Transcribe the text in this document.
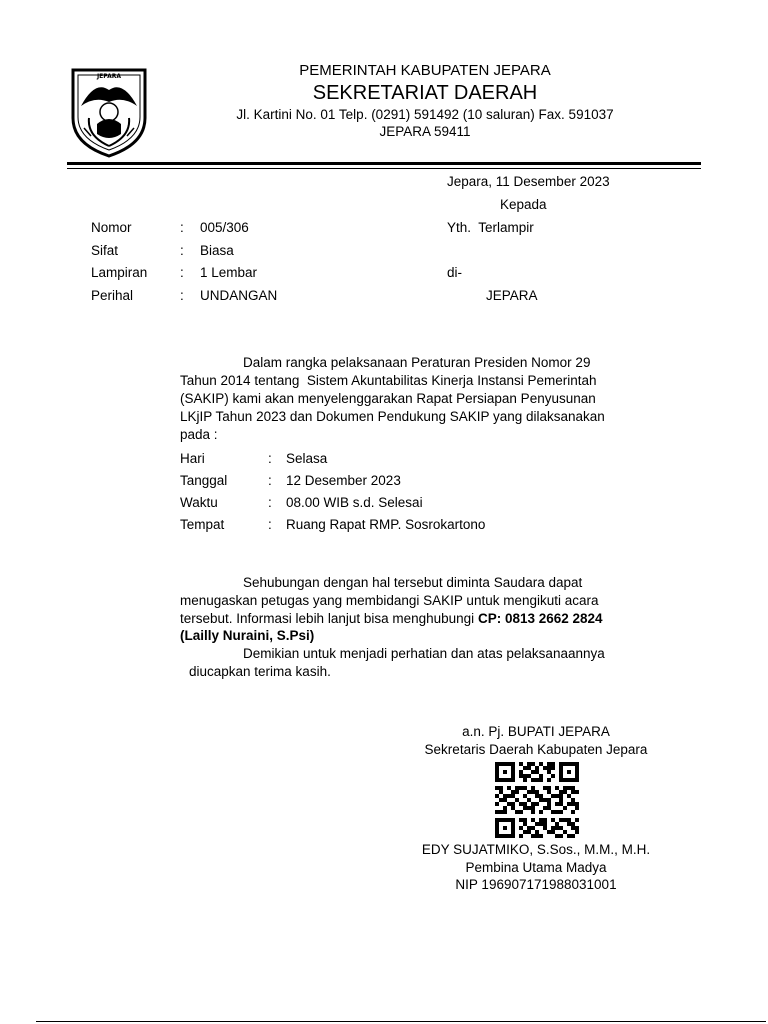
JEPARA	PEMERINTAH KABUPATEN JEPARA
SEKRETARIAT DAERAH
Jl. Kartini No. 01 Telp. (0291) 591492 (10 saluran) Fax. 591037
JEPARA 59411
Jepara, 11 Desember 2023
Kepada
Yth.  Terlampir
di-
JEPARA
Nomor	: 005/306
Sifat	: Biasa
Lampiran : 1 Lembar
Perihal	: UNDANGAN
Dalam rangka pelaksanaan Peraturan Presiden Nomor 29
Tahun 2014 tentang  Sistem Akuntabilitas Kinerja Instansi Pemerintah
(SAKIP) kami akan menyelenggarakan Rapat Persiapan Penyusunan
LKjIP Tahun 2023 dan Dokumen Pendukung SAKIP yang dilaksanakan
pada :
Hari	: Selasa
Tanggal	: 12 Desember 2023
Waktu	: 08.00 WIB s.d. Selesai
Tempat	: Ruang Rapat RMP. Sosrokartono
Sehubungan dengan hal tersebut diminta Saudara dapat
menugaskan petugas yang membidangi SAKIP untuk mengikuti acara
tersebut. Informasi lebih lanjut bisa menghubungi CP: 0813 2662 2824
(Lailly Nuraini, S.Psi)
Demikian untuk menjadi perhatian dan atas pelaksanaannya
diucapkan terima kasih.
a.n. Pj. BUPATI JEPARA
Sekretaris Daerah Kabupaten Jepara
EDY SUJATMIKO, S.Sos., M.M., M.H.
Pembina Utama Madya
NIP 196907171988031001
